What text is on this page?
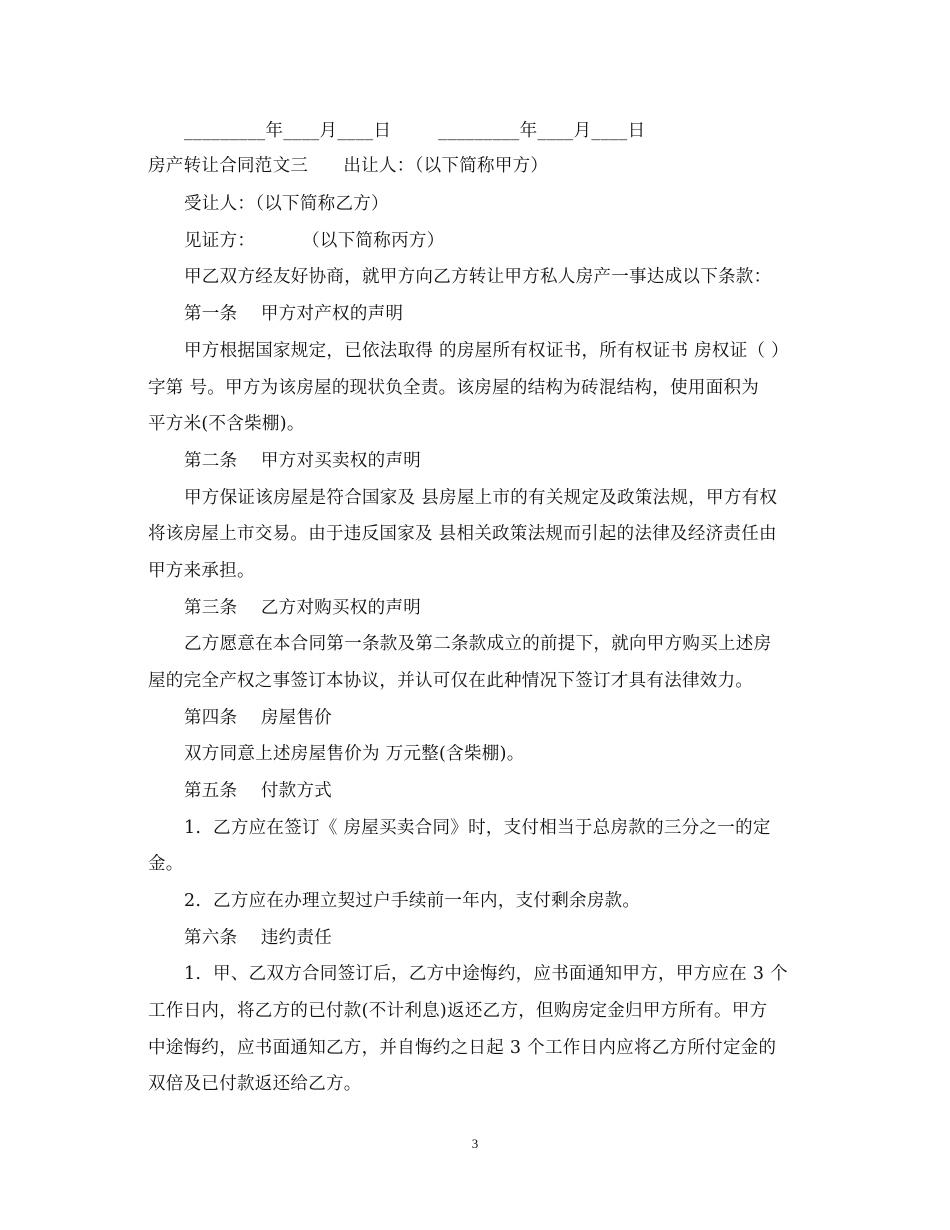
_________年____月____日        _________年____月____日
房产转让合同范文三      出让人：（以下简称甲方）
受让人：（以下简称乙方）
见证方：        （以下简称丙方）
甲乙双方经友好协商，就甲方向乙方转让甲方私人房产一事达成以下条款：
第一条    甲方对产权的声明
甲方根据国家规定，已依法取得 的房屋所有权证书，所有权证书 房权证（ ）
字第 号。甲方为该房屋的现状负全责。该房屋的结构为砖混结构，使用面积为
平方米(不含柴棚)。
第二条    甲方对买卖权的声明
甲方保证该房屋是符合国家及 县房屋上市的有关规定及政策法规，甲方有权
将该房屋上市交易。由于违反国家及 县相关政策法规而引起的法律及经济责任由
甲方来承担。
第三条    乙方对购买权的声明
乙方愿意在本合同第一条款及第二条款成立的前提下，就向甲方购买上述房
屋的完全产权之事签订本协议，并认可仅在此种情况下签订才具有法律效力。
第四条    房屋售价
双方同意上述房屋售价为 万元整(含柴棚)。
第五条    付款方式
1.  乙方应在签订《 房屋买卖合同》时，支付相当于总房款的三分之一的定
金。
2.  乙方应在办理立契过户手续前一年内，支付剩余房款。
第六条    违约责任
1.  甲、乙双方合同签订后，乙方中途悔约，应书面通知甲方，甲方应在 3 个
工作日内，将乙方的已付款(不计利息)返还乙方，但购房定金归甲方所有。甲方
中途悔约，应书面通知乙方，并自悔约之日起 3 个工作日内应将乙方所付定金的
双倍及已付款返还给乙方。
3
